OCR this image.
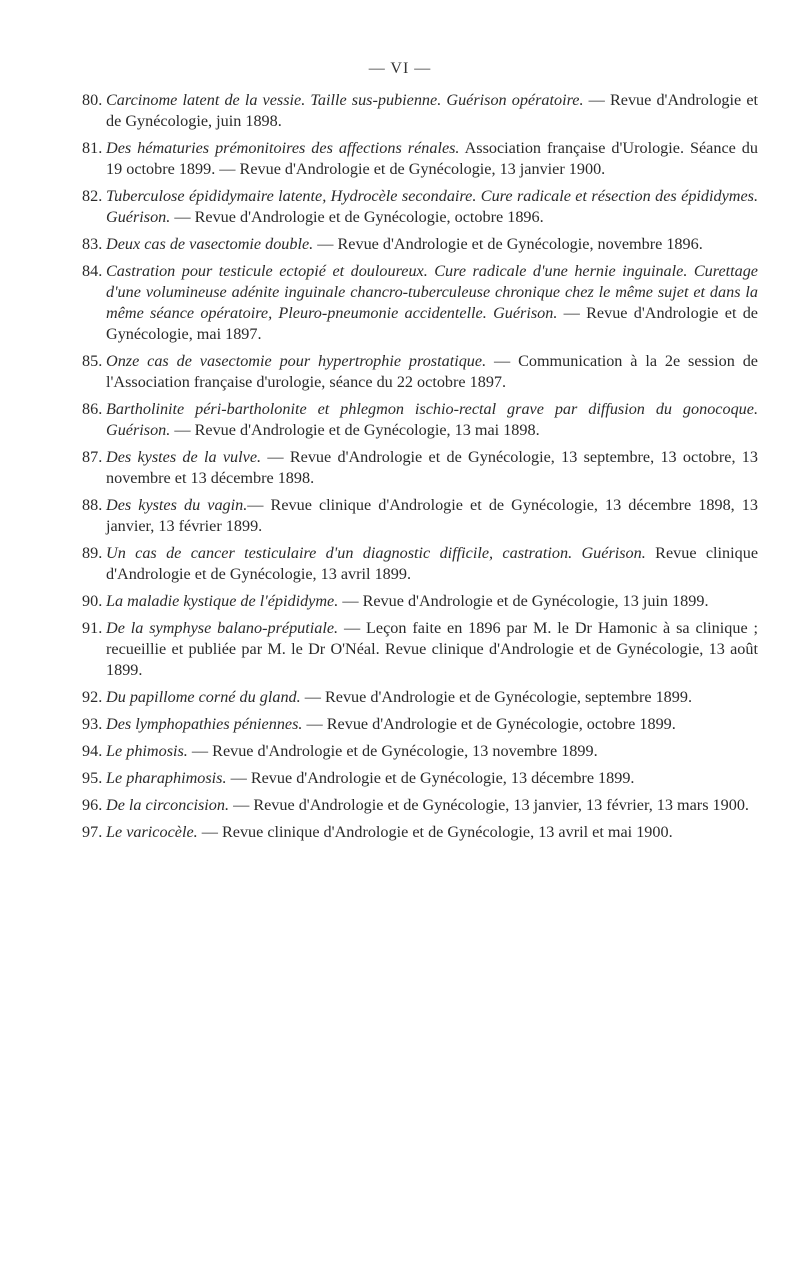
— VI —
80. Carcinome latent de la vessie. Taille sus-pubienne. Guérison opératoire. — Revue d'Andrologie et de Gynécologie, juin 1898.
81. Des hématuries prémonitoires des affections rénales. Association française d'Urologie. Séance du 19 octobre 1899. — Revue d'Andrologie et de Gynécologie, 13 janvier 1900.
82. Tuberculose épididymaire latente, Hydrocèle secondaire. Cure radicale et résection des épididymes. Guérison. — Revue d'Andrologie et de Gynécologie, octobre 1896.
83. Deux cas de vasectomie double. — Revue d'Andrologie et de Gynécologie, novembre 1896.
84. Castration pour testicule ectopié et douloureux. Cure radicale d'une hernie inguinale. Curettage d'une volumineuse adénite inguinale chancro-tuberculeuse chronique chez le même sujet et dans la même séance opératoire, Pleuro-pneumonie accidentelle. Guérison. — Revue d'Andrologie et de Gynécologie, mai 1897.
85. Onze cas de vasectomie pour hypertrophie prostatique. — Communication à la 2e session de l'Association française d'urologie, séance du 22 octobre 1897.
86. Bartholinite péri-bartholonite et phlegmon ischio-rectal grave par diffusion du gonocoque. Guérison. — Revue d'Andrologie et de Gynécologie, 13 mai 1898.
87. Des kystes de la vulve. — Revue d'Andrologie et de Gynécologie, 13 septembre, 13 octobre, 13 novembre et 13 décembre 1898.
88. Des kystes du vagin.— Revue clinique d'Andrologie et de Gynécologie, 13 décembre 1898, 13 janvier, 13 février 1899.
89. Un cas de cancer testiculaire d'un diagnostic difficile, castration. Guérison. Revue clinique d'Andrologie et de Gynécologie, 13 avril 1899.
90. La maladie kystique de l'épididyme. — Revue d'Andrologie et de Gynécologie, 13 juin 1899.
91. De la symphyse balano-préputiale. — Leçon faite en 1896 par M. le Dr Hamonic à sa clinique ; recueillie et publiée par M. le Dr O'Néal. Revue clinique d'Andrologie et de Gynécologie, 13 août 1899.
92. Du papillome corné du gland. — Revue d'Andrologie et de Gynécologie, septembre 1899.
93. Des lymphopathies péniennes. — Revue d'Andrologie et de Gynécologie, octobre 1899.
94. Le phimosis. — Revue d'Andrologie et de Gynécologie, 13 novembre 1899.
95. Le pharaphimosis. — Revue d'Andrologie et de Gynécologie, 13 décembre 1899.
96. De la circoncision. — Revue d'Andrologie et de Gynécologie, 13 janvier, 13 février, 13 mars 1900.
97. Le varicocèle. — Revue clinique d'Andrologie et de Gynécologie, 13 avril et mai 1900.
